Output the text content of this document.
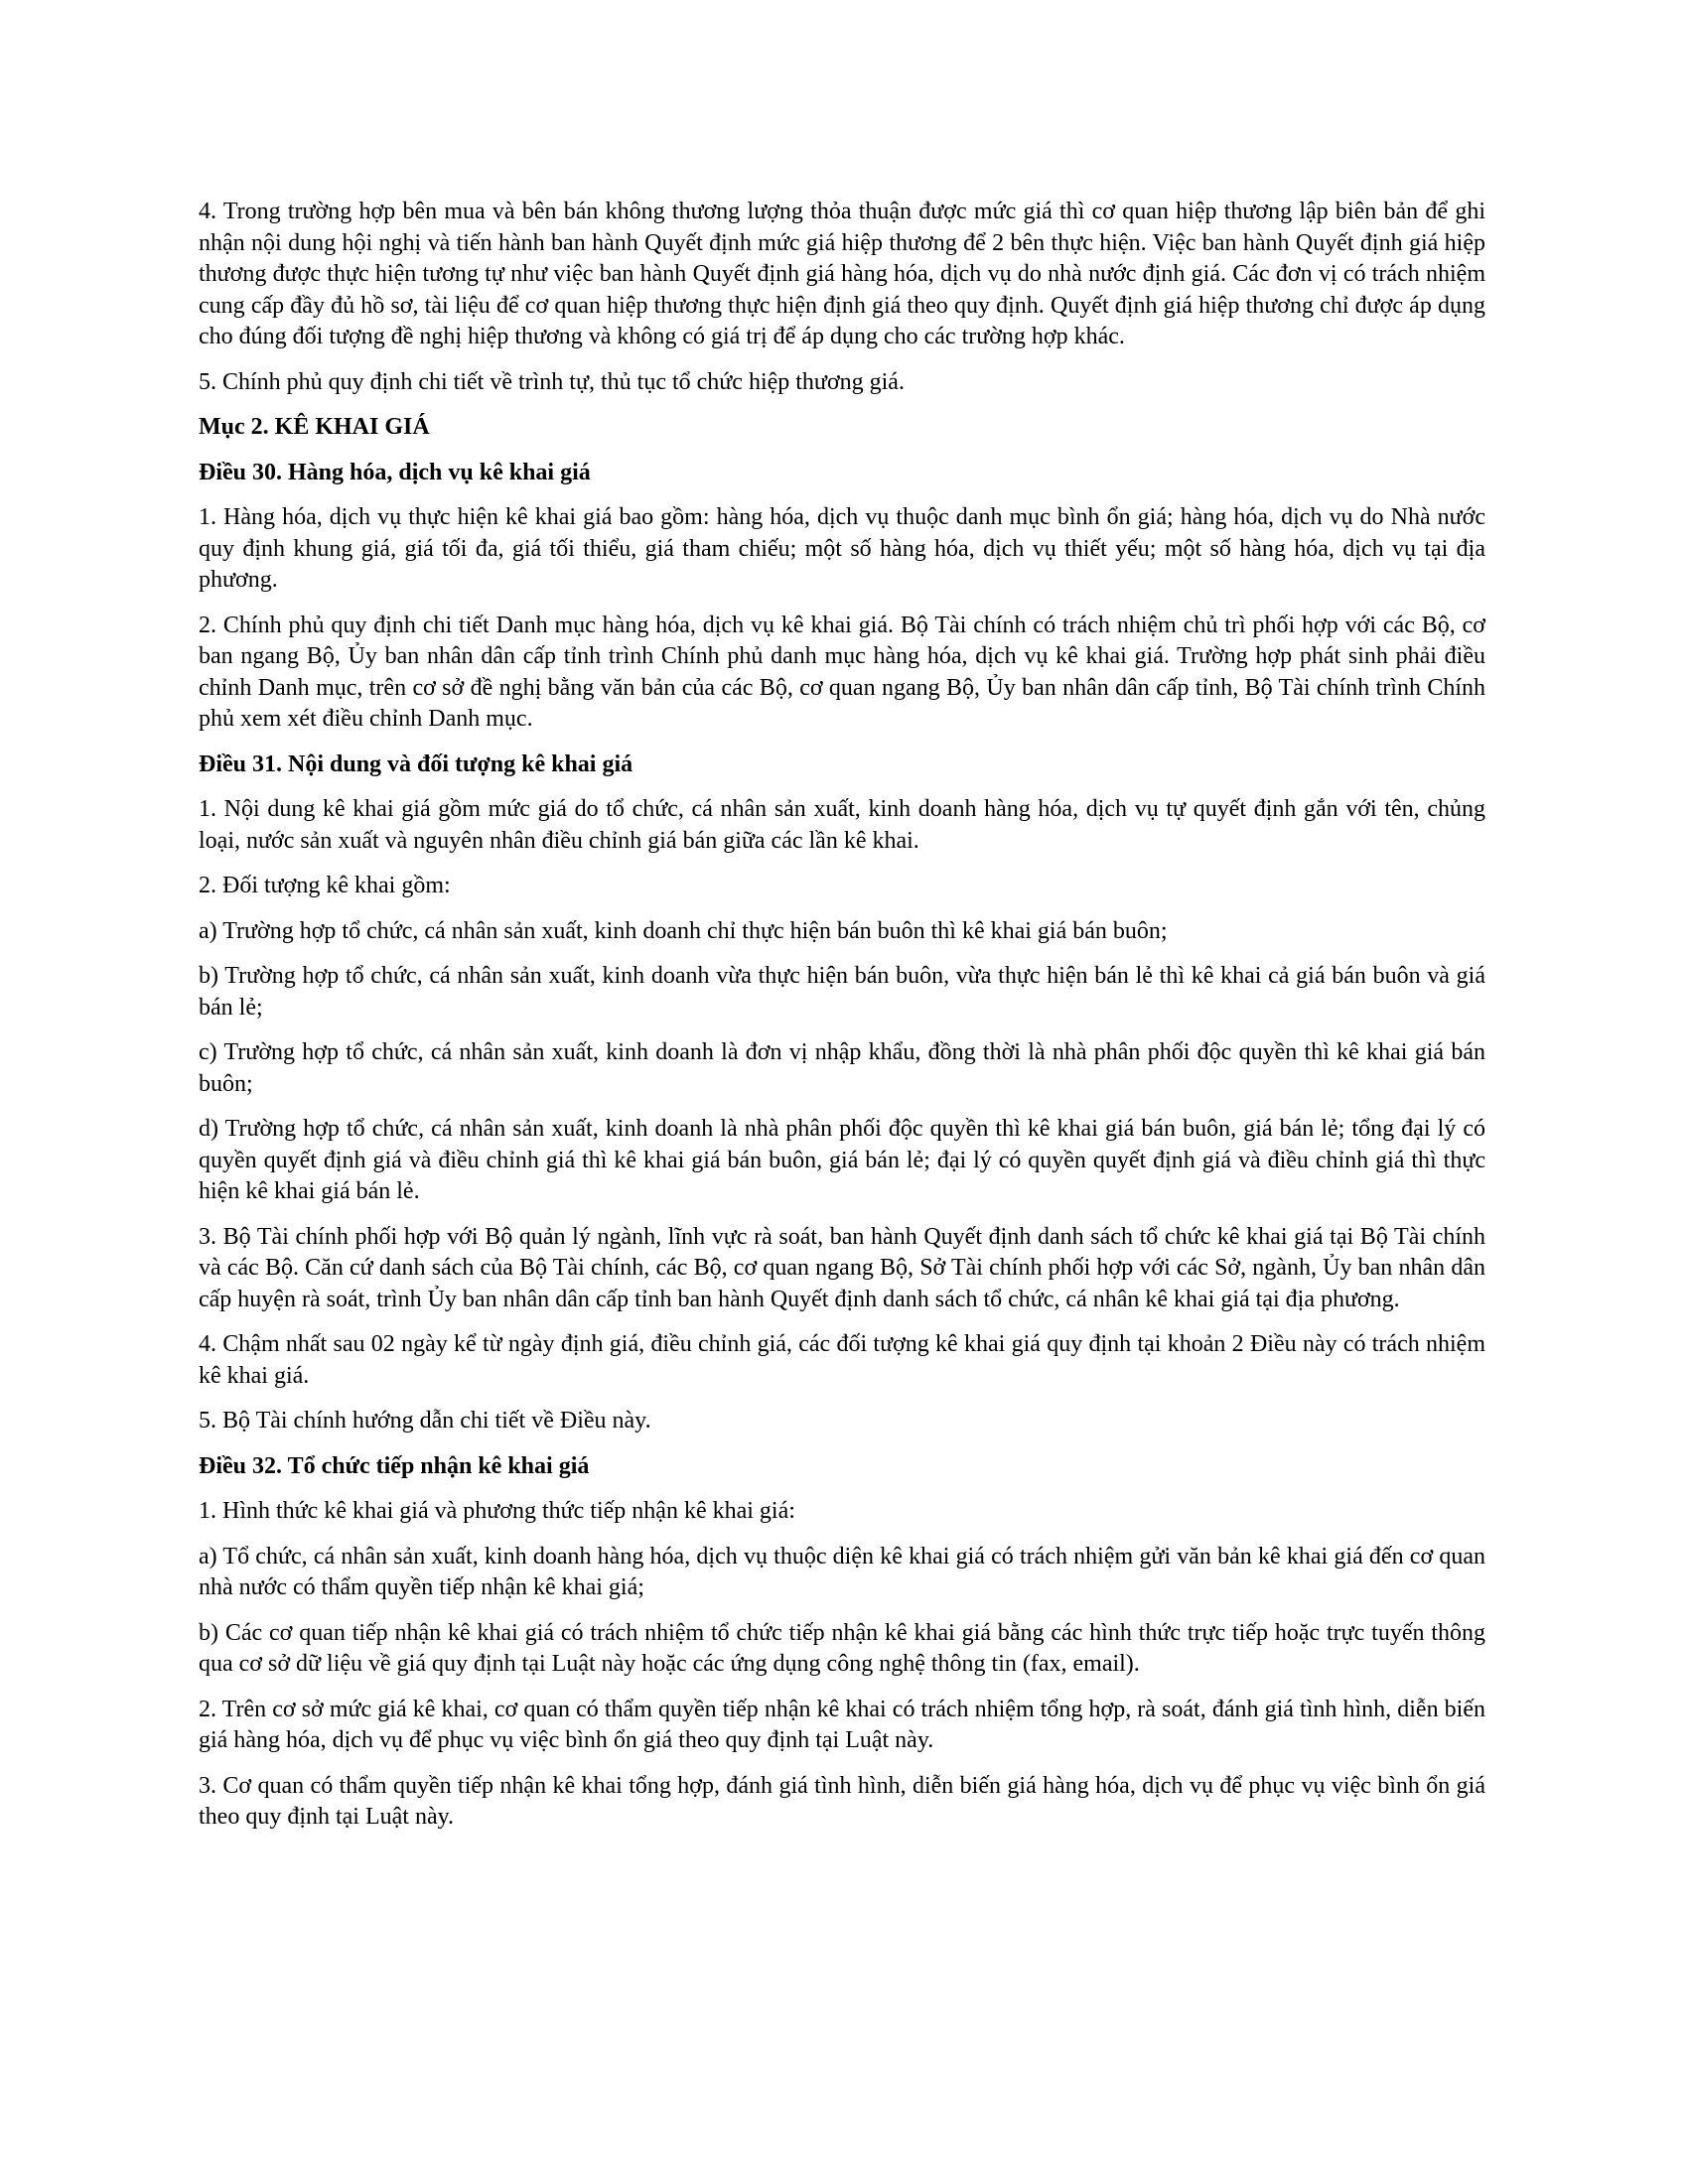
4. Trong trường hợp bên mua và bên bán không thương lượng thỏa thuận được mức giá thì cơ quan hiệp thương lập biên bản để ghi nhận nội dung hội nghị và tiến hành ban hành Quyết định mức giá hiệp thương để 2 bên thực hiện. Việc ban hành Quyết định giá hiệp thương được thực hiện tương tự như việc ban hành Quyết định giá hàng hóa, dịch vụ do nhà nước định giá. Các đơn vị có trách nhiệm cung cấp đầy đủ hồ sơ, tài liệu để cơ quan hiệp thương thực hiện định giá theo quy định. Quyết định giá hiệp thương chỉ được áp dụng cho đúng đối tượng đề nghị hiệp thương và không có giá trị để áp dụng cho các trường hợp khác.

5. Chính phủ quy định chi tiết về trình tự, thủ tục tổ chức hiệp thương giá.

Mục 2. KÊ KHAI GIÁ

Điều 30. Hàng hóa, dịch vụ kê khai giá

1. Hàng hóa, dịch vụ thực hiện kê khai giá bao gồm: hàng hóa, dịch vụ thuộc danh mục bình ổn giá; hàng hóa, dịch vụ do Nhà nước quy định khung giá, giá tối đa, giá tối thiểu, giá tham chiếu; một số hàng hóa, dịch vụ thiết yếu; một số hàng hóa, dịch vụ tại địa phương.

2. Chính phủ quy định chi tiết Danh mục hàng hóa, dịch vụ kê khai giá. Bộ Tài chính có trách nhiệm chủ trì phối hợp với các Bộ, cơ ban ngang Bộ, Ủy ban nhân dân cấp tỉnh trình Chính phủ danh mục hàng hóa, dịch vụ kê khai giá. Trường hợp phát sinh phải điều chỉnh Danh mục, trên cơ sở đề nghị bằng văn bản của các Bộ, cơ quan ngang Bộ, Ủy ban nhân dân cấp tỉnh, Bộ Tài chính trình Chính phủ xem xét điều chỉnh Danh mục.

Điều 31. Nội dung và đối tượng kê khai giá

1. Nội dung kê khai giá gồm mức giá do tổ chức, cá nhân sản xuất, kinh doanh hàng hóa, dịch vụ tự quyết định gắn với tên, chủng loại, nước sản xuất và nguyên nhân điều chỉnh giá bán giữa các lần kê khai.

2. Đối tượng kê khai gồm:

a) Trường hợp tổ chức, cá nhân sản xuất, kinh doanh chỉ thực hiện bán buôn thì kê khai giá bán buôn;

b) Trường hợp tổ chức, cá nhân sản xuất, kinh doanh vừa thực hiện bán buôn, vừa thực hiện bán lẻ thì kê khai cả giá bán buôn và giá bán lẻ;

c) Trường hợp tổ chức, cá nhân sản xuất, kinh doanh là đơn vị nhập khẩu, đồng thời là nhà phân phối độc quyền thì kê khai giá bán buôn;

d) Trường hợp tổ chức, cá nhân sản xuất, kinh doanh là nhà phân phối độc quyền thì kê khai giá bán buôn, giá bán lẻ; tổng đại lý có quyền quyết định giá và điều chỉnh giá thì kê khai giá bán buôn, giá bán lẻ; đại lý có quyền quyết định giá và điều chỉnh giá thì thực hiện kê khai giá bán lẻ.

3. Bộ Tài chính phối hợp với Bộ quản lý ngành, lĩnh vực rà soát, ban hành Quyết định danh sách tổ chức kê khai giá tại Bộ Tài chính và các Bộ. Căn cứ danh sách của Bộ Tài chính, các Bộ, cơ quan ngang Bộ, Sở Tài chính phối hợp với các Sở, ngành, Ủy ban nhân dân cấp huyện rà soát, trình Ủy ban nhân dân cấp tỉnh ban hành Quyết định danh sách tổ chức, cá nhân kê khai giá tại địa phương.

4. Chậm nhất sau 02 ngày kể từ ngày định giá, điều chỉnh giá, các đối tượng kê khai giá quy định tại khoản 2 Điều này có trách nhiệm kê khai giá.

5. Bộ Tài chính hướng dẫn chi tiết về Điều này.

Điều 32. Tổ chức tiếp nhận kê khai giá

1. Hình thức kê khai giá và phương thức tiếp nhận kê khai giá:

a) Tổ chức, cá nhân sản xuất, kinh doanh hàng hóa, dịch vụ thuộc diện kê khai giá có trách nhiệm gửi văn bản kê khai giá đến cơ quan nhà nước có thẩm quyền tiếp nhận kê khai giá;

b) Các cơ quan tiếp nhận kê khai giá có trách nhiệm tổ chức tiếp nhận kê khai giá bằng các hình thức trực tiếp hoặc trực tuyến thông qua cơ sở dữ liệu về giá quy định tại Luật này hoặc các ứng dụng công nghệ thông tin (fax, email).

2. Trên cơ sở mức giá kê khai, cơ quan có thẩm quyền tiếp nhận kê khai có trách nhiệm tổng hợp, rà soát, đánh giá tình hình, diễn biến giá hàng hóa, dịch vụ để phục vụ việc bình ổn giá theo quy định tại Luật này.

3. Cơ quan có thẩm quyền tiếp nhận kê khai tổng hợp, đánh giá tình hình, diễn biến giá hàng hóa, dịch vụ để phục vụ việc bình ổn giá theo quy định tại Luật này.
